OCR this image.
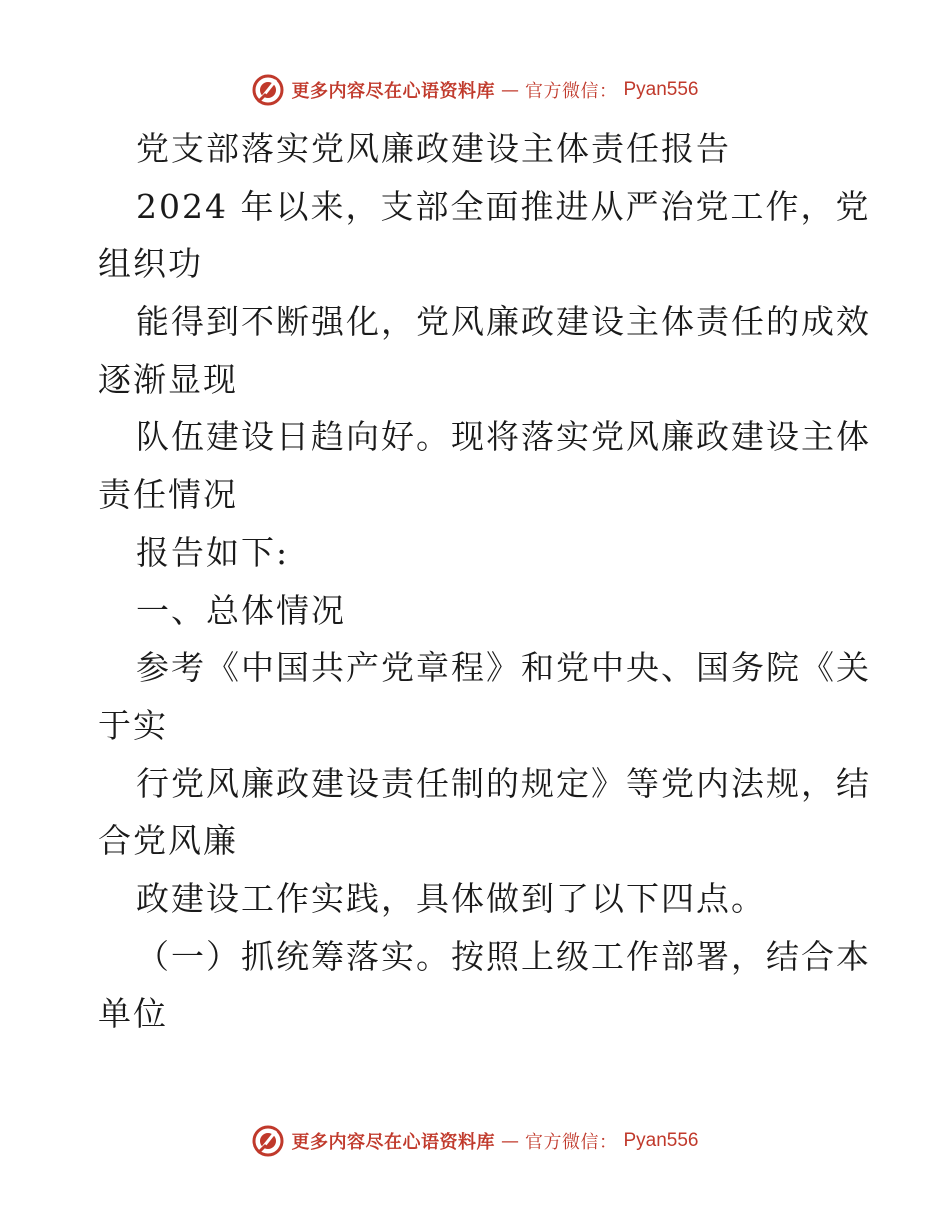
更多内容尽在心语资料库 — 官方微信： Pyan556
党支部落实党风廉政建设主体责任报告
2024 年以来，支部全面推进从严治党工作，党
组织功
能得到不断强化，党风廉政建设主体责任的成效
逐渐显现
队伍建设日趋向好。现将落实党风廉政建设主体
责任情况
报告如下:
一、总体情况
参考《中国共产党章程》和党中央、国务院《关
于实
行党风廉政建设责任制的规定》等党内法规，结
合党风廉
政建设工作实践，具体做到了以下四点。
（一）抓统筹落实。按照上级工作部署，结合本
单位
更多内容尽在心语资料库 — 官方微信： Pyan556
